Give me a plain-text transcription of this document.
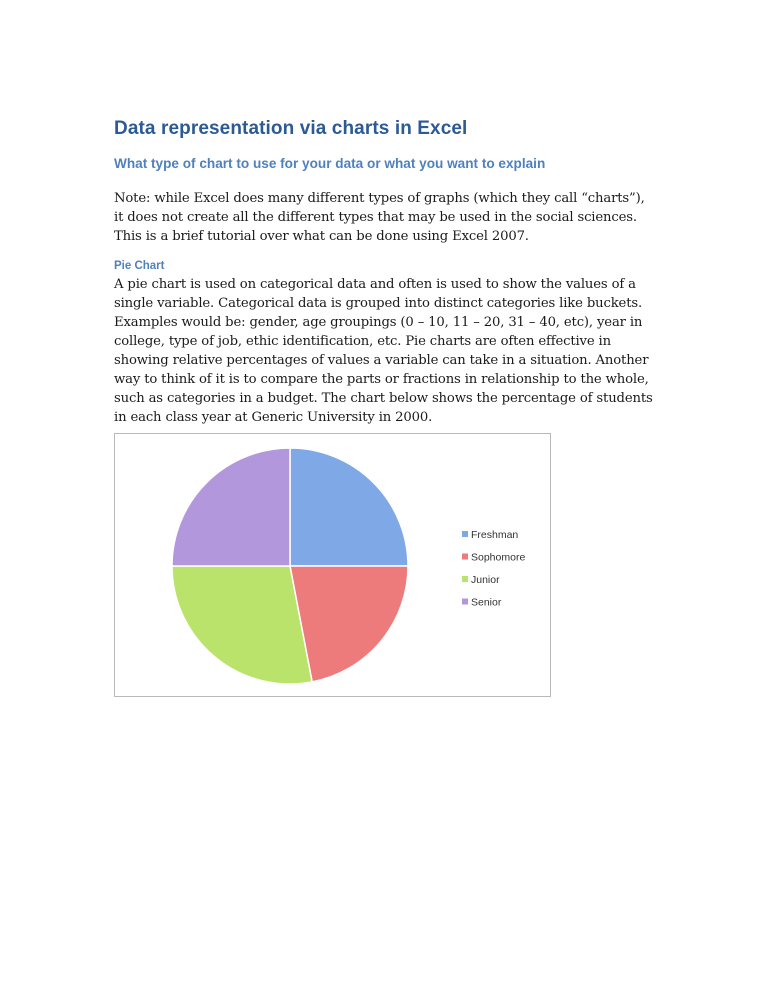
Data representation via charts in Excel
What type of chart to use for your data or what you want to explain

Note: while Excel does many different types of graphs (which they call “charts”), it does not create all the different types that may be used in the social sciences. This is a brief tutorial over what can be done using Excel 2007.

Pie Chart

A pie chart is used on categorical data and often is used to show the values of a single variable. Categorical data is grouped into distinct categories like buckets. Examples would be: gender, age groupings (0 – 10, 11 – 20, 31 – 40, etc), year in college, type of job, ethic identification, etc. Pie charts are often effective in showing relative percentages of values a variable can take in a situation. Another way to think of it is to compare the parts or fractions in relationship to the whole, such as categories in a budget. The chart below shows the percentage of students in each class year at Generic University in 2000.

Freshman
Sophomore
Junior
Senior
